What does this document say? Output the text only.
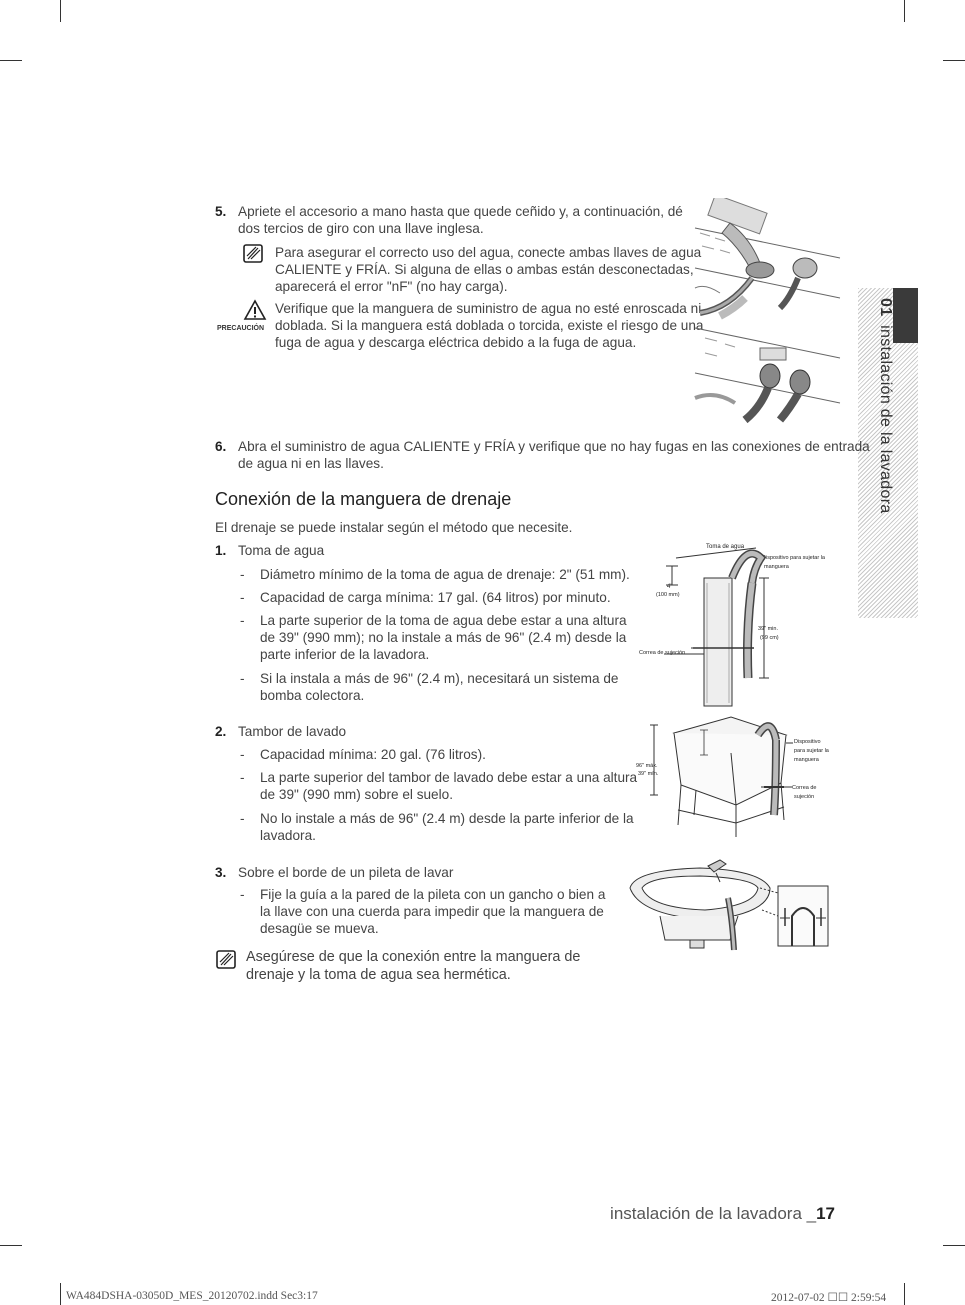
01 instalación de la lavadora
5. Apriete el accesorio a mano hasta que quede ceñido y, a continuación, dé
dos tercios de giro con una llave inglesa.
Para asegurar el correcto uso del agua, conecte ambas llaves de agua
CALIENTE y FRÍA. Si alguna de ellas o ambas están desconectadas,
aparecerá el error "nF" (no hay carga).
PRECAUCIÓN
Verifique que la manguera de suministro de agua no esté enroscada ni
doblada. Si la manguera está doblada o torcida, existe el riesgo de una
fuga de agua y descarga eléctrica debido a la fuga de agua.
6. Abra el suministro de agua CALIENTE y FRÍA y verifique que no hay fugas en las conexiones de entrada
de agua ni en las llaves.
Conexión de la manguera de drenaje
El drenaje se puede instalar según el método que necesite.
1. Toma de agua
- Diámetro mínimo de la toma de agua de drenaje: 2" (51 mm).
- Capacidad de carga mínima: 17 gal. (64 litros) por minuto.
- La parte superior de la toma de agua debe estar a una altura
de 39" (990 mm); no la instale a más de 96" (2.4 m) desde la
parte inferior de la lavadora.
- Si la instala a más de 96" (2.4 m), necesitará un sistema de
bomba colectora.
Toma de agua
Dispositivo para sujetar la
manguera
4"
(100 mm)
Correa de sujeción
39" min.
(99 cm)
2. Tambor de lavado
- Capacidad mínima: 20 gal. (76 litros).
- La parte superior del tambor de lavado debe estar a una altura
de 39" (990 mm) sobre el suelo.
- No lo instale a más de 96" (2.4 m) desde la parte inferior de la
lavadora.
96" máx.
39" mín.
Dispositivo
para sujetar la
manguera
Correa de
sujeción
3. Sobre el borde de un pileta de lavar
- Fije la guía a la pared de la pileta con un gancho o bien a
la llave con una cuerda para impedir que la manguera de
desagüe se mueva.
Asegúrese de que la conexión entre la manguera de
drenaje y la toma de agua sea hermética.
instalación de la lavadora _17
WA484DSHA-03050D_MES_20120702.indd Sec3:17	2012-07-02 ☐☐ 2:59:54
